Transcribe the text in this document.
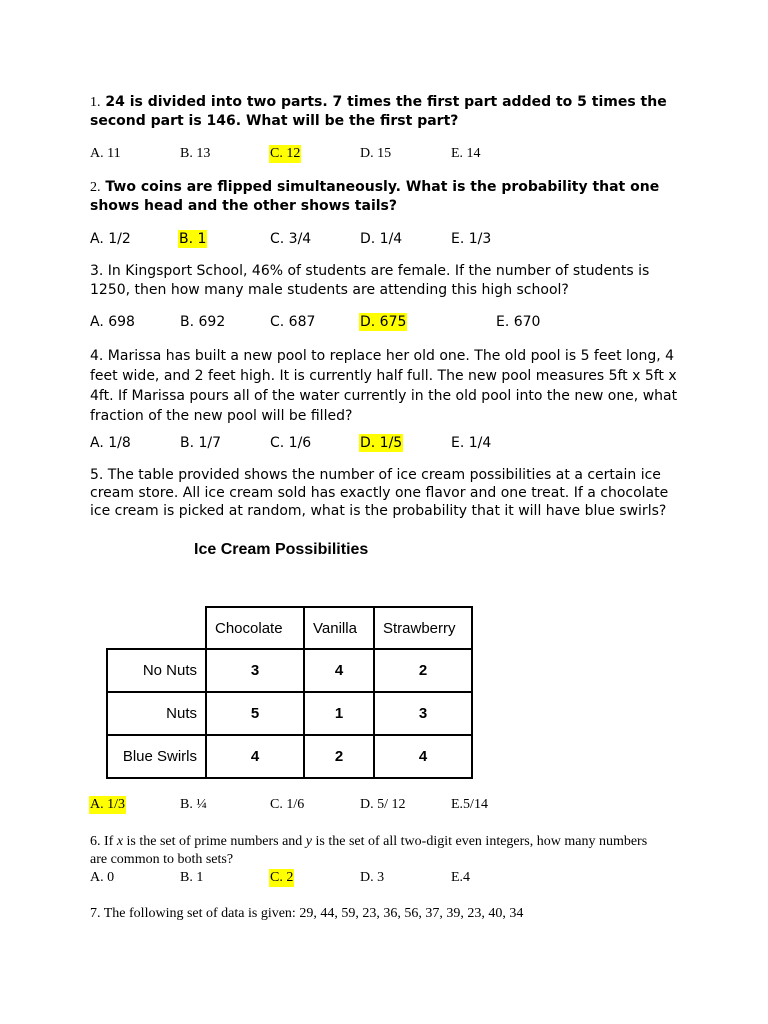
1. 24 is divided into two parts. 7 times the first part added to 5 times the second part is 146. What will be the first part?
A. 11	B. 13	C. 12	D. 15	E. 14
2. Two coins are flipped simultaneously. What is the probability that one shows head and the other shows tails?
A. 1/2	B. 1	C. 3/4	D. 1/4	E. 1/3
3. In Kingsport School, 46% of students are female. If the number of students is 1250, then how many male students are attending this high school?
A. 698	B. 692	C. 687	D. 675	E. 670
4. Marissa has built a new pool to replace her old one. The old pool is 5 feet long, 4 feet wide, and 2 feet high. It is currently half full. The new pool measures 5ft x 5ft x 4ft. If Marissa pours all of the water currently in the old pool into the new one, what fraction of the new pool will be filled?
A. 1/8	B. 1/7	C. 1/6	D. 1/5	E. 1/4
5. The table provided shows the number of ice cream possibilities at a certain ice cream store. All ice cream sold has exactly one flavor and one treat. If a chocolate ice cream is picked at random, what is the probability that it will have blue swirls?
Ice Cream Possibilities
	Chocolate	Vanilla	Strawberry
No Nuts	3	4	2
Nuts	5	1	3
Blue Swirls	4	2	4
A. 1/3	B. ¼	C. 1/6	D. 5/ 12	E.5/14
6. If x is the set of prime numbers and y is the set of all two-digit even integers, how many numbers are common to both sets?
A. 0	B. 1	C. 2	D. 3	E.4
7. The following set of data is given: 29, 44, 59, 23, 36, 56, 37, 39, 23, 40, 34
